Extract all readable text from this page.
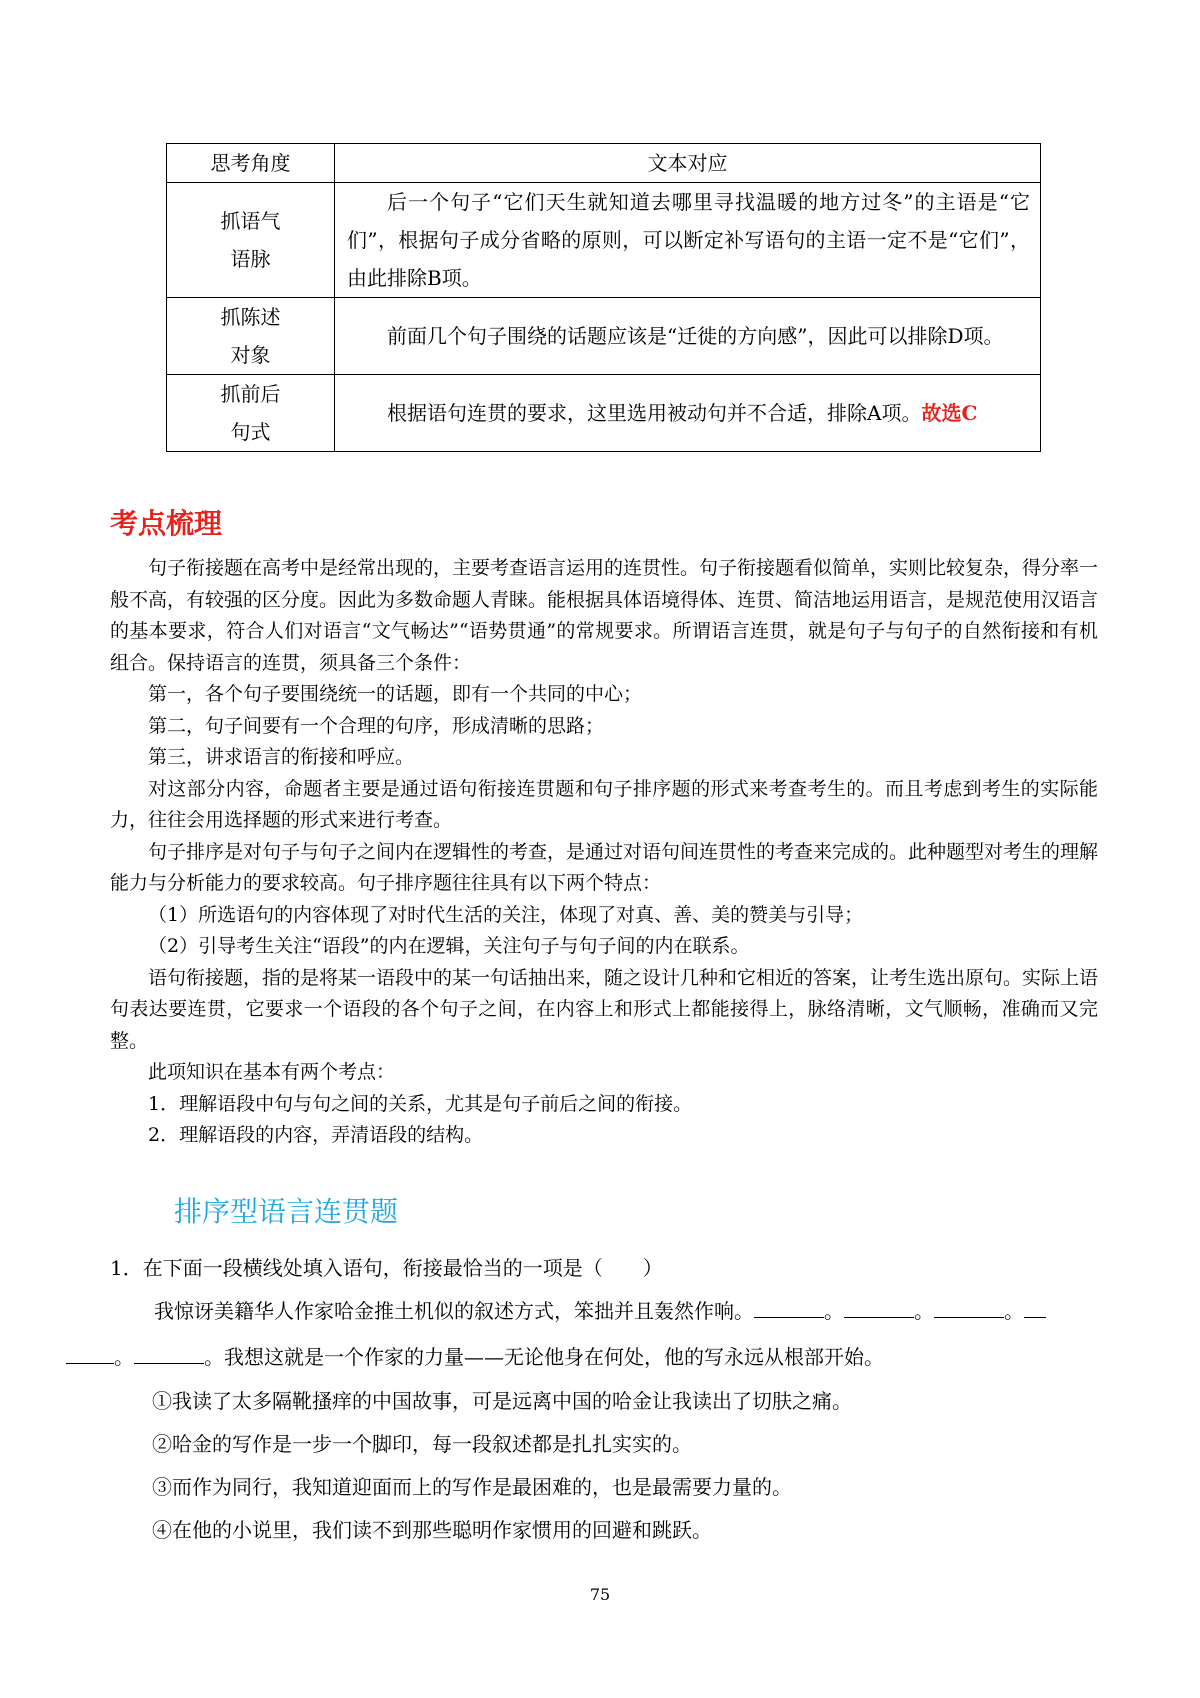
思考角度	文本对应
抓语气
语脉	后一个句子“它们天生就知道去哪里寻找温暖的地方过冬”的主语是“它们”，根据句子成分省略的原则，可以断定补写语句的主语一定不是“它们”，由此排除B项。
抓陈述
对象	前面几个句子围绕的话题应该是“迁徙的方向感”，因此可以排除D项。
抓前后
句式	根据语句连贯的要求，这里选用被动句并不合适，排除A项。故选C
考点梳理

句子衔接题在高考中是经常出现的，主要考查语言运用的连贯性。句子衔接题看似简单，实则比较复杂，得分率一般不高，有较强的区分度。因此为多数命题人青睐。能根据具体语境得体、连贯、简洁地运用语言，是规范使用汉语言的基本要求，符合人们对语言“文气畅达”“语势贯通”的常规要求。所谓语言连贯，就是句子与句子的自然衔接和有机组合。保持语言的连贯，须具备三个条件：

第一，各个句子要围绕统一的话题，即有一个共同的中心；

第二，句子间要有一个合理的句序，形成清晰的思路；

第三，讲求语言的衔接和呼应。

对这部分内容，命题者主要是通过语句衔接连贯题和句子排序题的形式来考查考生的。而且考虑到考生的实际能力，往往会用选择题的形式来进行考查。

句子排序是对句子与句子之间内在逻辑性的考查，是通过对语句间连贯性的考查来完成的。此种题型对考生的理解能力与分析能力的要求较高。句子排序题往往具有以下两个特点：

（1）所选语句的内容体现了对时代生活的关注，体现了对真、善、美的赞美与引导；

（2）引导考生关注“语段”的内在逻辑，关注句子与句子间的内在联系。

语句衔接题，指的是将某一语段中的某一句话抽出来，随之设计几种和它相近的答案，让考生选出原句。实际上语句表达要连贯，它要求一个语段的各个句子之间，在内容上和形式上都能接得上，脉络清晰，文气顺畅，准确而又完整。

此项知识在基本有两个考点：

1．理解语段中句与句之间的关系，尤其是句子前后之间的衔接。

2．理解语段的内容，弄清语段的结构。

排序型语言连贯题

1．在下面一段横线处填入语句，衔接最恰当的一项是（　　）

我惊讶美籍华人作家哈金推土机似的叙述方式，笨拙并且轰然作响。	。	。	。
。	。我想这就是一个作家的力量——无论他身在何处，他的写永远从根部开始。

①我读了太多隔靴搔痒的中国故事，可是远离中国的哈金让我读出了切肤之痛。

②哈金的写作是一步一个脚印，每一段叙述都是扎扎实实的。

③而作为同行，我知道迎面而上的写作是最困难的，也是最需要力量的。

④在他的小说里，我们读不到那些聪明作家惯用的回避和跳跃。

75
